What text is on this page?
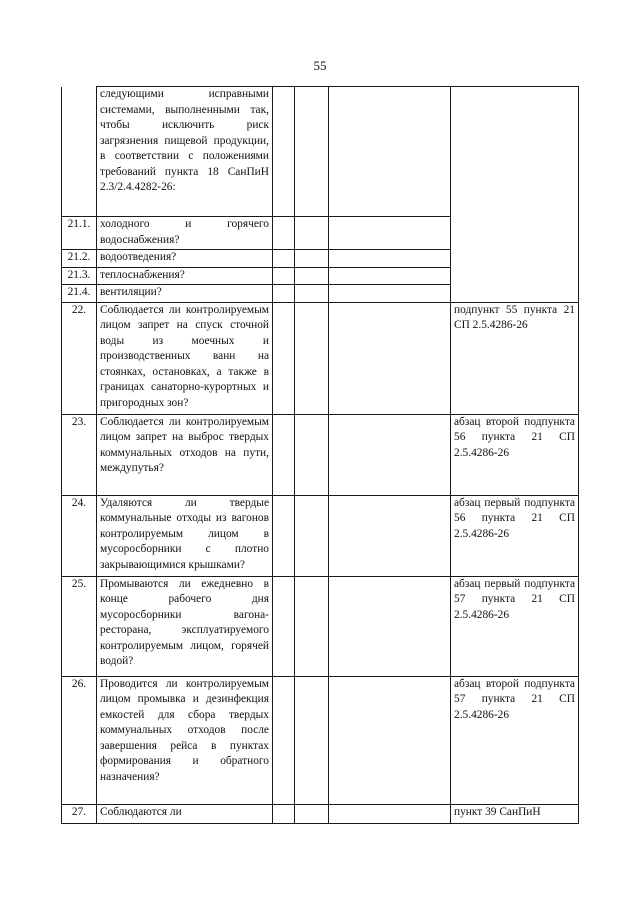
55
	следующими исправными системами, выполненными так, чтобы исключить риск загрязнения пищевой продукции, в соответствии с положениями требований пункта 18 СанПиН 2.3/2.4.4282-26:				
21.1.	холодного и горячего водоснабжения?				
21.2.	водоотведения?				
21.3.	теплоснабжения?				
21.4.	вентиляции?				
22.	Соблюдается ли контролируемым лицом запрет на спуск сточной воды из моечных и производственных ванн на стоянках, остановках, а также в границах санаторно-курортных и пригородных зон?				подпункт 55 пункта 21 СП 2.5.4286-26
23.	Соблюдается ли контролируемым лицом запрет на выброс твердых коммунальных отходов на пути, междупутья?				абзац второй подпункта 56 пункта 21 СП 2.5.4286-26
24.	Удаляются ли твердые коммунальные отходы из вагонов контролируемым лицом в мусоросборники с плотно закрывающимися крышками?				абзац первый подпункта 56 пункта 21 СП 2.5.4286-26
25.	Промываются ли ежедневно в конце рабочего дня мусоросборники вагона-ресторана, эксплуатируемого контролируемым лицом, горячей водой?				абзац первый подпункта 57 пункта 21 СП 2.5.4286-26
26.	Проводится ли контролируемым лицом промывка и дезинфекция емкостей для сбора твердых коммунальных отходов после завершения рейса в пунктах формирования и обратного назначения?				абзац второй подпункта 57 пункта 21 СП 2.5.4286-26
27.	Соблюдаются ли				пункт 39 СанПиН
